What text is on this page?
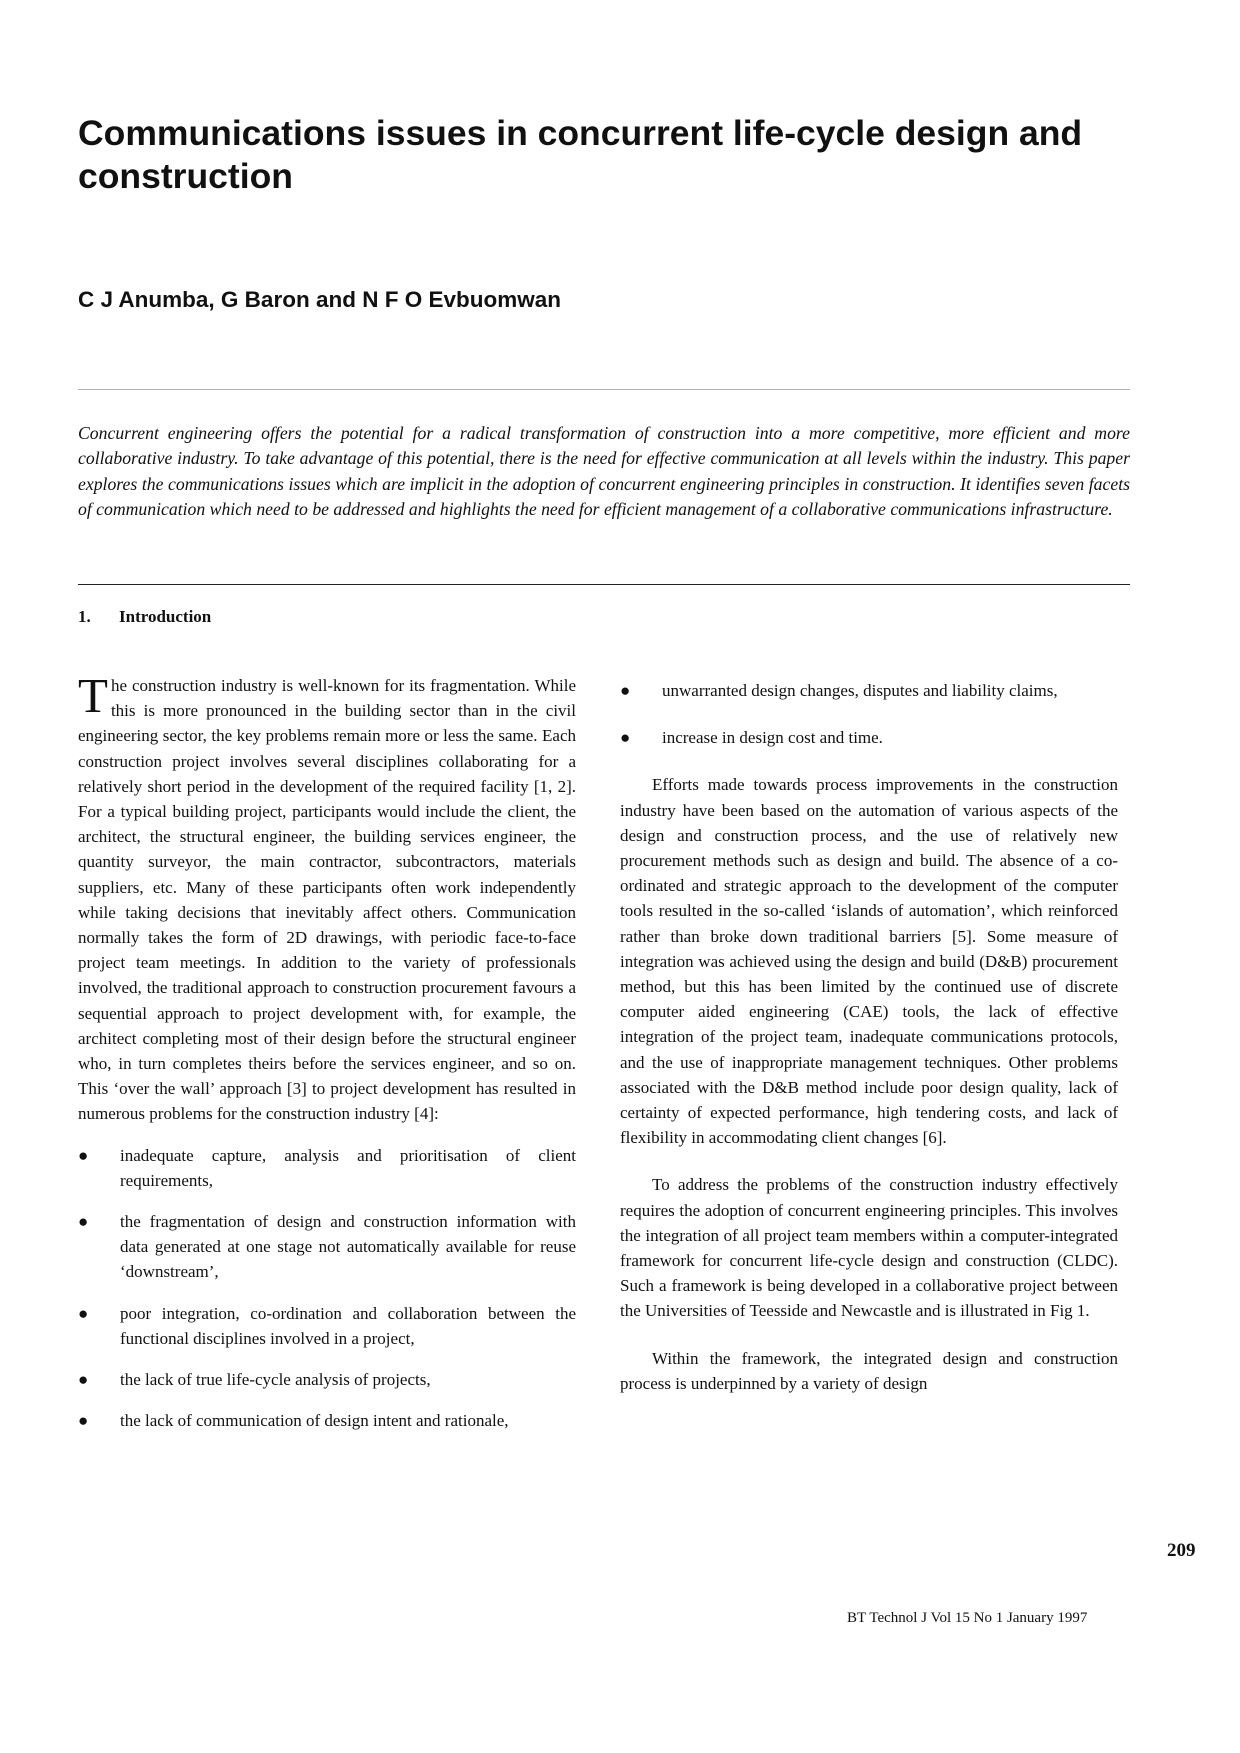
Communications issues in concurrent life-cycle design and construction

C J Anumba, G Baron and N F O Evbuomwan

Concurrent engineering offers the potential for a radical transformation of construction into a more competitive, more efficient and more collaborative industry. To take advantage of this potential, there is the need for effective communication at all levels within the industry. This paper explores the communications issues which are implicit in the adoption of concurrent engineering principles in construction. It identifies seven facets of communication which need to be addressed and highlights the need for efficient management of a collaborative communications infrastructure.

1. Introduction

The construction industry is well-known for its fragmentation. While this is more pronounced in the building sector than in the civil engineering sector, the key problems remain more or less the same. Each construction project involves several disciplines collaborating for a relatively short period in the development of the required facility [1, 2]. For a typical building project, participants would include the client, the architect, the structural engineer, the building services engineer, the quantity surveyor, the main contractor, subcontractors, materials suppliers, etc. Many of these participants often work independently while taking decisions that inevitably affect others. Communication normally takes the form of 2D drawings, with periodic face-to-face project team meetings. In addition to the variety of professionals involved, the traditional approach to construction procurement favours a sequential approach to project development with, for example, the architect completing most of their design before the structural engineer who, in turn completes theirs before the services engineer, and so on. This ‘over the wall’ approach [3] to project development has resulted in numerous problems for the construction industry [4]:

● inadequate capture, analysis and prioritisation of client requirements,
● the fragmentation of design and construction information with data generated at one stage not automatically available for reuse ‘downstream’,
● poor integration, co-ordination and collaboration between the functional disciplines involved in a project,
● the lack of true life-cycle analysis of projects,
● the lack of communication of design intent and rationale,
● unwarranted design changes, disputes and liability claims,
● increase in design cost and time.

Efforts made towards process improvements in the construction industry have been based on the automation of various aspects of the design and construction process, and the use of relatively new procurement methods such as design and build. The absence of a co-ordinated and strategic approach to the development of the computer tools resulted in the so-called ‘islands of automation’, which reinforced rather than broke down traditional barriers [5]. Some measure of integration was achieved using the design and build (D&B) procurement method, but this has been limited by the continued use of discrete computer aided engineering (CAE) tools, the lack of effective integration of the project team, inadequate communications protocols, and the use of inappropriate management techniques. Other problems associated with the D&B method include poor design quality, lack of certainty of expected performance, high tendering costs, and lack of flexibility in accommodating client changes [6].

To address the problems of the construction industry effectively requires the adoption of concurrent engineering principles. This involves the integration of all project team members within a computer-integrated framework for concurrent life-cycle design and construction (CLDC). Such a framework is being developed in a collaborative project between the Universities of Teesside and Newcastle and is illustrated in Fig 1.

Within the framework, the integrated design and construction process is underpinned by a variety of design

209

BT Technol J Vol 15 No 1 January 1997
